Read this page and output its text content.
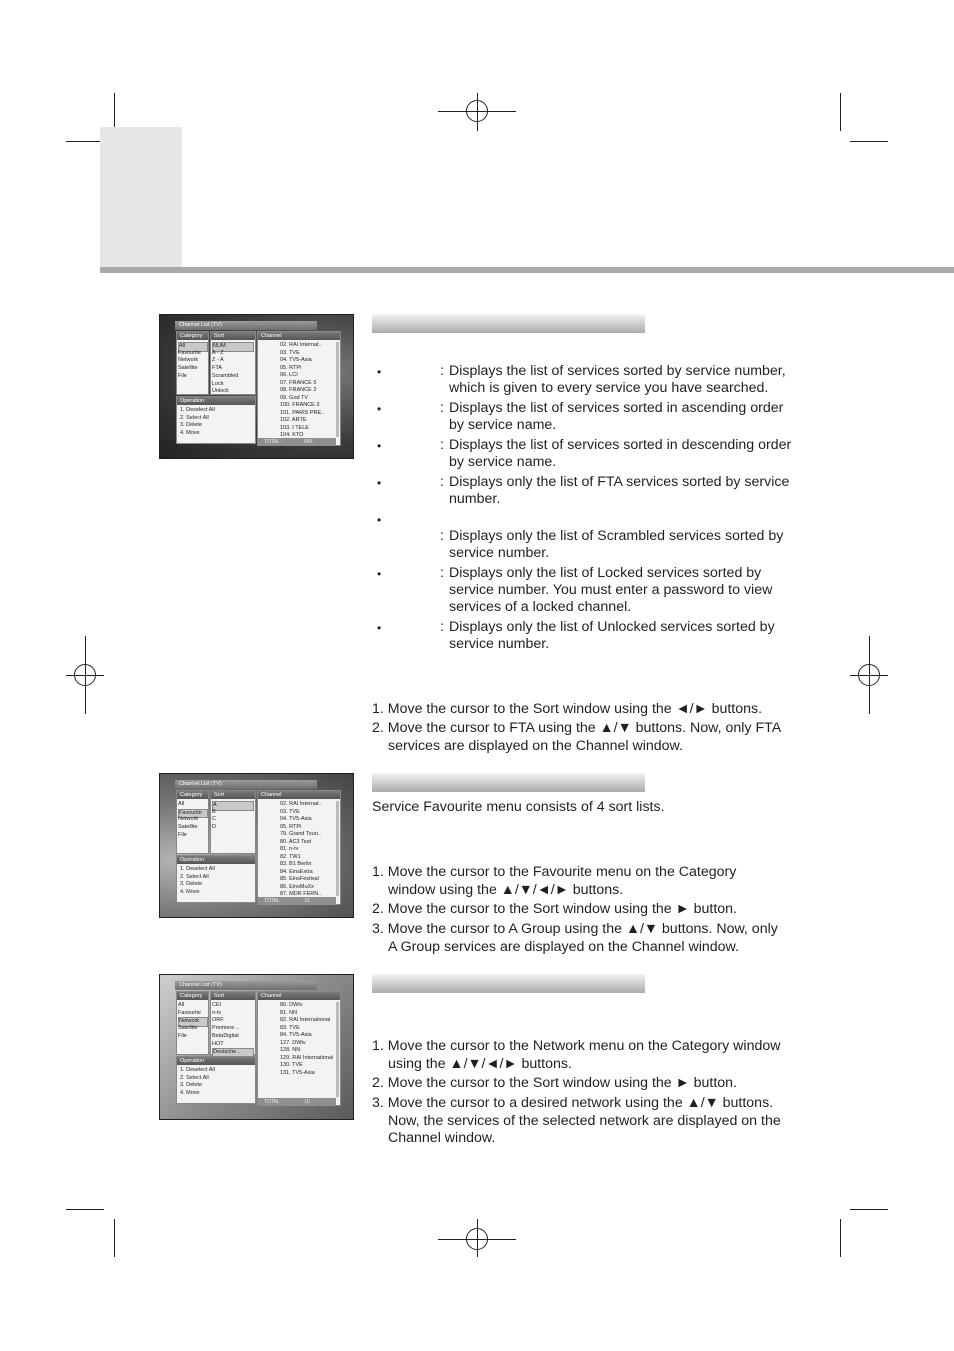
•	: Displays the list of services sorted by service number,
which is given to every service you have searched.
•	: Displays the list of services sorted in ascending order
by service name.
•	: Displays the list of services sorted in descending order
by service name.
•	: Displays only the list of FTA services sorted by service
number.
•
: Displays only the list of Scrambled services sorted by
service number.
•	: Displays only the list of Locked services sorted by
service number. You must enter a password to view
services of a locked channel.
•	: Displays only the list of Unlocked services sorted by
service number.
1. Move the cursor to the Sort window using the ◄/► buttons.
2. Move the cursor to FTA using the ▲/▼ buttons. Now, only FTA
services are displayed on the Channel window.
Service Favourite menu consists of 4 sort lists.
1. Move the cursor to the Favourite menu on the Category
window using the ▲/▼/◄/► buttons.
2. Move the cursor to the Sort window using the ► button.
3. Move the cursor to A Group using the ▲/▼ buttons. Now, only
A Group services are displayed on the Channel window.
1. Move the cursor to the Network menu on the Category window
using the ▲/▼/◄/► buttons.
2. Move the cursor to the Sort window using the ► button.
3. Move the cursor to a desired network using the ▲/▼ buttons.
Now, the services of the selected network are displayed on the
Channel window.
Channel List (TV)
Category
All
Favourite
Network
Satellite
File
Sort
NUM.
A - Z
Z - A
FTA
Scrambled
Lock
Unlock
Operation
1. Deselect All
2. Select All
3. Delete
4. Move
Channel
02. RAI Internat..
03. TVE
04. TV5-Asia
05. RTPi
06. LCI
07. FRANCE 5
08. FRANCE 2
09. God TV
100. FRANCE 3
101. PARIS PRE..
102. ARTE
103. I TELE
104. KTO
TOTAL :	643
Channel List (TV)
Category
All
Favourite
Network
Satellite
File
Sort
A
B
C
D
Operation
1. Deselect All
2. Select All
3. Delete
4. Move
Channel
02. RAI Internat..
03. TVE
04. TV5-Asia
05. RTPi
79. Grand Touri..
80. AC3 Test
81. n-tv
82. TW1
83. B1 Berlin
84. EinsExtra
85. EinsFestival
86. EinsMuXx
87. MDR FERN..
TOTAL :	16
Channel List (TV)
Category
All
Favourite
Network
Satellite
File
Sort
CEI
n-tv
ORF
Premiere ..
BetaDigital
HOT
Deutsche ..
Operation
1. Deselect All
2. Select All
3. Delete
4. Move
Channel
80. DWtv
81. NN
82. RAI International
83. TVE
84. TV5-Asia
127. DWtv
128. NN
129. RAI International
130. TVE
131. TV5-Asia
TOTAL :	10
